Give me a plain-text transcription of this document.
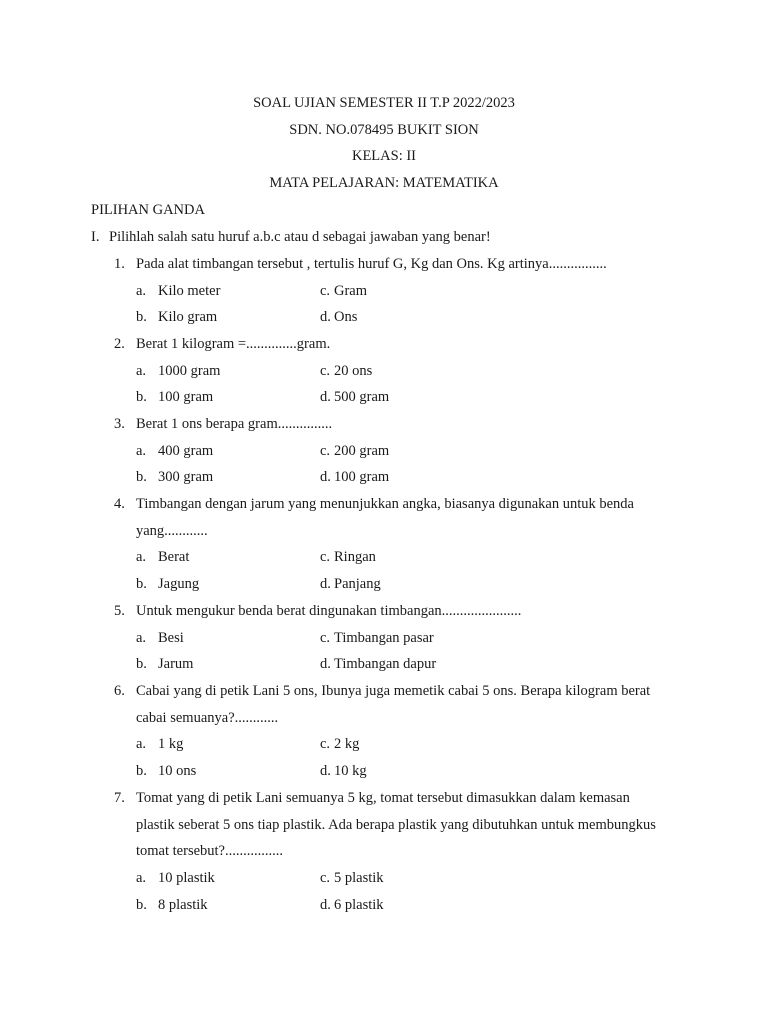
SOAL UJIAN SEMESTER II T.P 2022/2023
SDN. NO.078495 BUKIT SION
KELAS: II
MATA PELAJARAN: MATEMATIKA
PILIHAN GANDA
I. Pilihlah salah satu huruf a.b.c atau d sebagai jawaban yang benar!
1. Pada alat timbangan tersebut , tertulis huruf G, Kg dan Ons. Kg artinya................
a. Kilo meter	c. Gram
b. Kilo gram	d. Ons
2. Berat 1 kilogram =..............gram.
a. 1000 gram	c. 20 ons
b. 100 gram	d. 500 gram
3. Berat 1 ons berapa gram...............
a. 400 gram	c. 200 gram
b. 300 gram	d. 100 gram
4. Timbangan dengan jarum yang menunjukkan angka, biasanya digunakan untuk benda
yang............
a. Berat	c. Ringan
b. Jagung	d. Panjang
5. Untuk mengukur benda berat dingunakan timbangan......................
a. Besi	c. Timbangan pasar
b. Jarum	d. Timbangan dapur
6. Cabai yang di petik Lani 5 ons, Ibunya juga memetik cabai 5 ons. Berapa kilogram berat
cabai semuanya?............
a. 1 kg	c. 2 kg
b. 10 ons	d. 10 kg
7. Tomat yang di petik Lani semuanya 5 kg, tomat tersebut dimasukkan dalam kemasan
plastik seberat 5 ons tiap plastik. Ada berapa plastik yang dibutuhkan untuk membungkus
tomat tersebut?................
a. 10 plastik	c. 5 plastik
b. 8 plastik	d. 6 plastik
